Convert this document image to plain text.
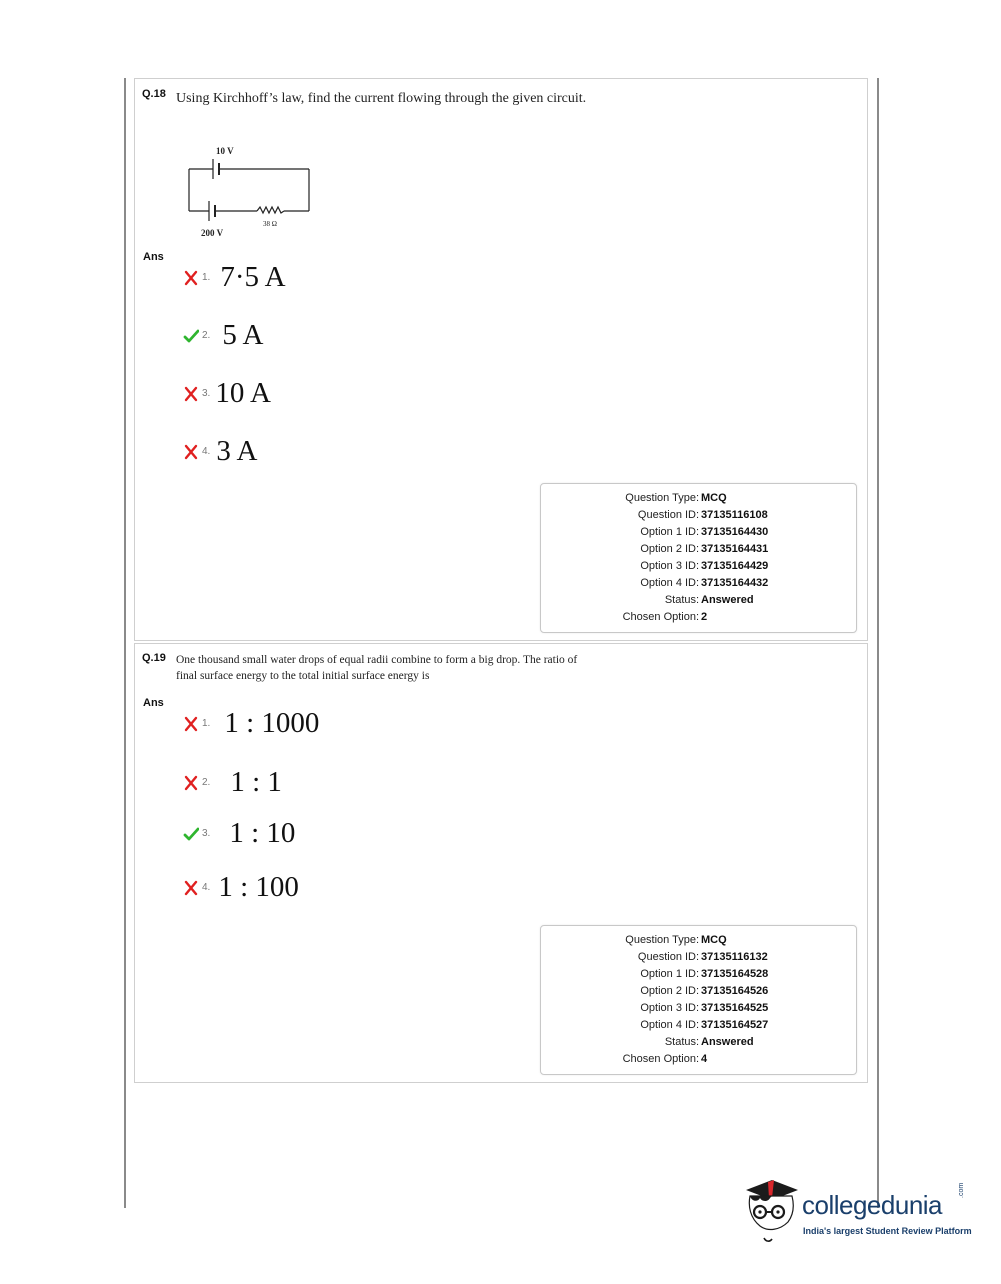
Q.18 Using Kirchhoff’s law, find the current flowing through the given circuit.
10 V
38 Ω
200 V
Ans
1. 7·5 A
2. 5 A
3. 10 A
4. 3 A
Question Type : MCQ
Question ID : 37135116108
Option 1 ID : 37135164430
Option 2 ID : 37135164431
Option 3 ID : 37135164429
Option 4 ID : 37135164432
Status : Answered
Chosen Option : 2
Q.19 One thousand small water drops of equal radii combine to form a big drop. The ratio of
final surface energy to the total initial surface energy is
Ans
1. 1 : 1000
2. 1 : 1
3. 1 : 10
4. 1 : 100
Question Type : MCQ
Question ID : 37135116132
Option 1 ID : 37135164528
Option 2 ID : 37135164526
Option 3 ID : 37135164525
Option 4 ID : 37135164527
Status : Answered
Chosen Option : 4
collegedunia .com
India's largest Student Review Platform
